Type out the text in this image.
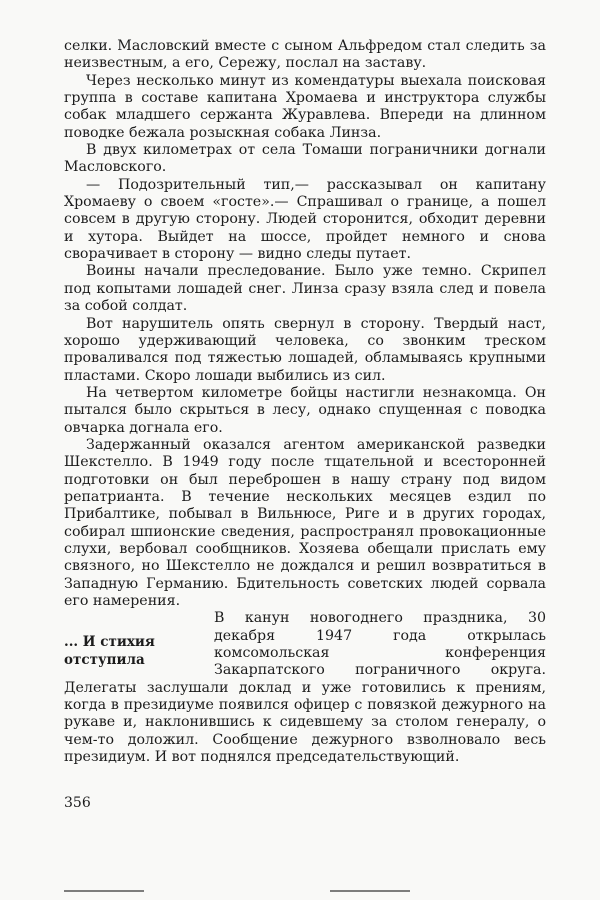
селки. Масловский вместе с сыном Альфредом стал следить за неизвестным, а его, Сережу, послал на заставу.

Через несколько минут из комендатуры выехала поисковая группа в составе капитана Хромаева и инструктора службы собак младшего сержанта Журавлева. Впереди на длинном поводке бежала розыскная собака Линза.

В двух километрах от села Томаши пограничники догнали Масловского.

— Подозрительный тип,— рассказывал он капитану Хромаеву о своем «госте».— Спрашивал о границе, а пошел совсем в другую сторону. Людей сторонится, обходит деревни и хутора. Выйдет на шоссе, пройдет немного и снова сворачивает в сторону — видно следы путает.

Воины начали преследование. Было уже темно. Скрипел под копытами лошадей снег. Линза сразу взяла след и повела за собой солдат.

Вот нарушитель опять свернул в сторону. Твердый наст, хорошо удерживающий человека, со звонким треском проваливался под тяжестью лошадей, обламываясь крупными пластами. Скоро лошади выбились из сил.

На четвертом километре бойцы настигли незнакомца. Он пытался было скрыться в лесу, однако спущенная с поводка овчарка догнала его.

Задержанный оказался агентом американской разведки Шекстелло. В 1949 году после тщательной и всесторонней подготовки он был переброшен в нашу страну под видом репатрианта. В течение нескольких месяцев ездил по Прибалтике, побывал в Вильнюсе, Риге и в других городах, собирал шпионские сведения, распространял провокационные слухи, вербовал сообщников. Хозяева обещали прислать ему связного, но Шекстелло не дождался и решил возвратиться в Западную Германию. Бдительность советских людей сорвала его намерения.

... И стихия отступила

В канун новогоднего праздника, 30 декабря 1947 года открылась комсомольская конференция Закарпатского пограничного округа. Делегаты заслушали доклад и уже готовились к прениям, когда в президиуме появился офицер с повязкой дежурного на рукаве и, наклонившись к сидевшему за столом генералу, о чем-то доложил. Сообщение дежурного взволновало весь президиум. И вот поднялся председательствующий.

356
